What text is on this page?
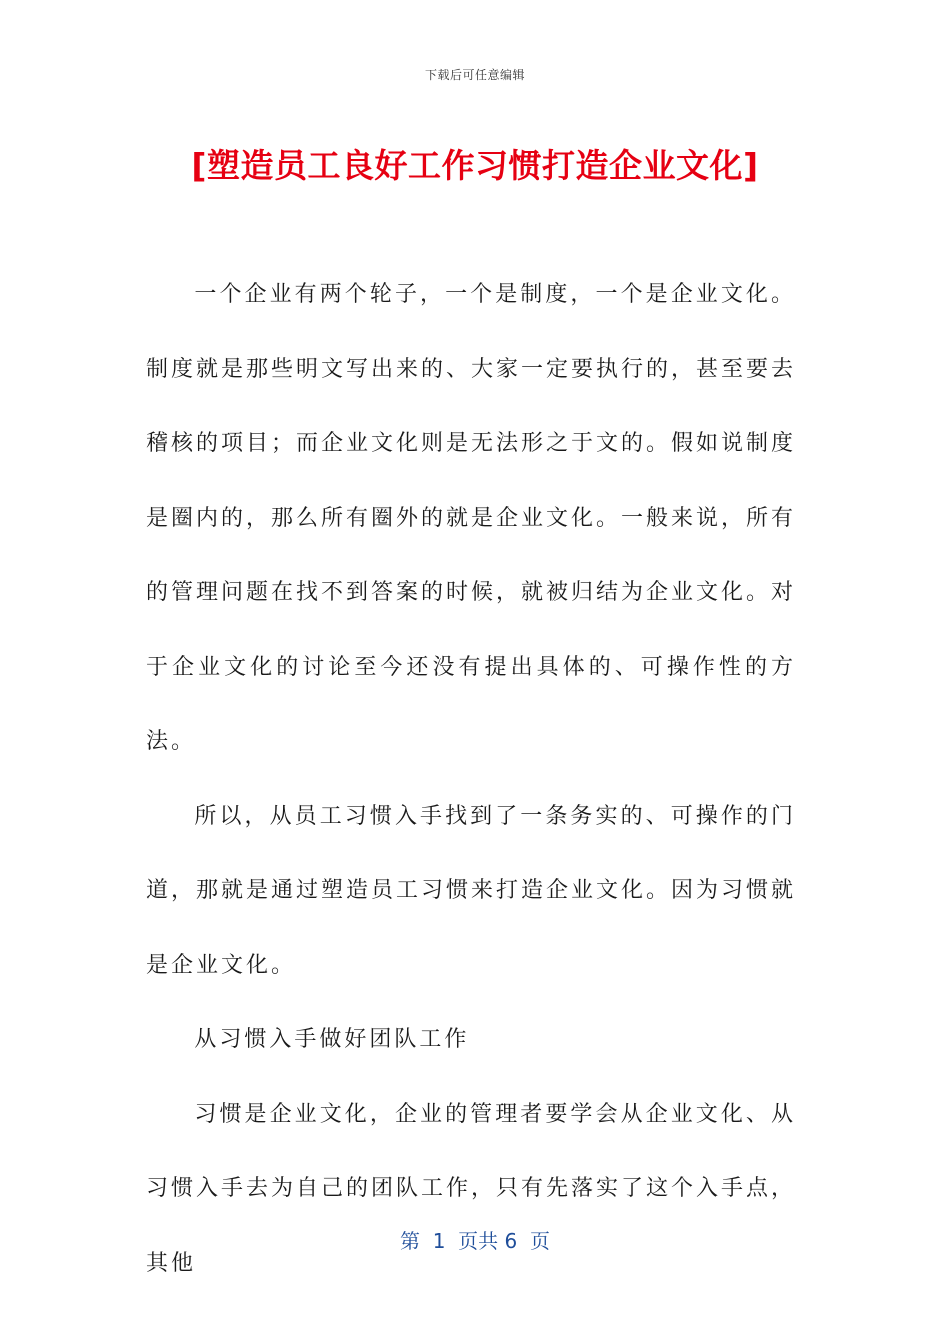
下载后可任意编辑
[塑造员工良好工作习惯打造企业文化]

一个企业有两个轮子，一个是制度，一个是企业文化。制度就是那些明文写出来的、大家一定要执行的，甚至要去稽核的项目；而企业文化则是无法形之于文的。假如说制度是圈内的，那么所有圈外的就是企业文化。一般来说，所有的管理问题在找不到答案的时候，就被归结为企业文化。对于企业文化的讨论至今还没有提出具体的、可操作性的方法。

所以，从员工习惯入手找到了一条务实的、可操作的门道，那就是通过塑造员工习惯来打造企业文化。因为习惯就是企业文化。

从习惯入手做好团队工作

习惯是企业文化，企业的管理者要学会从企业文化、从习惯入手去为自己的团队工作，只有先落实了这个入手点，其他

第  1  页共 6  页
